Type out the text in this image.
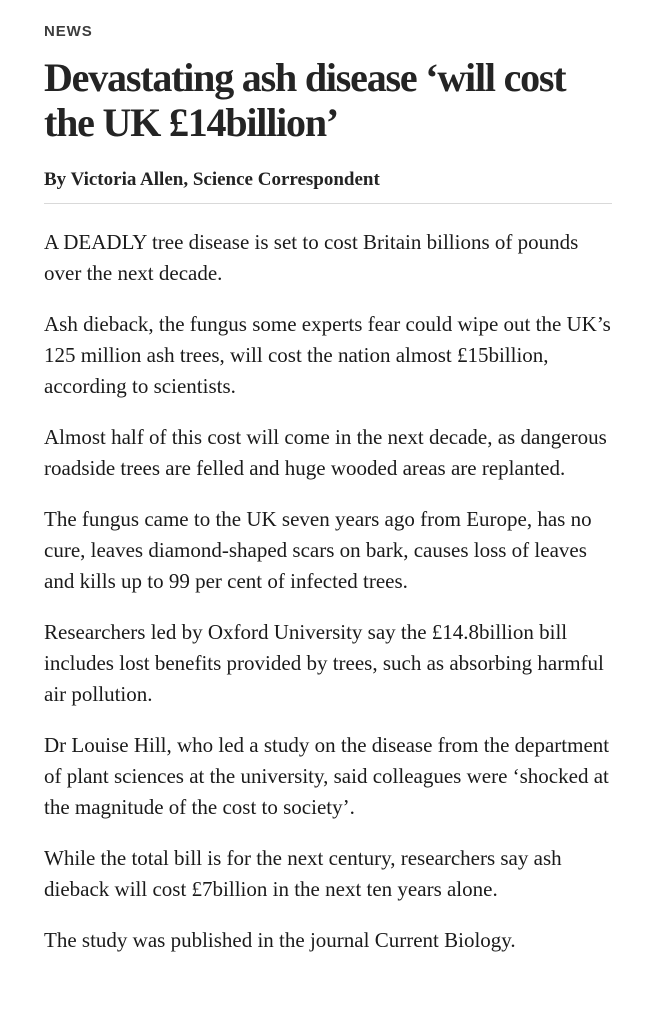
NEWS
Devastating ash disease ‘will cost the UK £14billion’
By Victoria Allen, Science Correspondent

A DEADLY tree disease is set to cost Britain billions of pounds over the next decade.

Ash dieback, the fungus some experts fear could wipe out the UK’s 125 million ash trees, will cost the nation almost £15billion, according to scientists.

Almost half of this cost will come in the next decade, as dangerous roadside trees are felled and huge wooded areas are replanted.

The fungus came to the UK seven years ago from Europe, has no cure, leaves diamond-shaped scars on bark, causes loss of leaves and kills up to 99 per cent of infected trees.

Researchers led by Oxford University say the £14.8billion bill includes lost benefits provided by trees, such as absorbing harmful air pollution.

Dr Louise Hill, who led a study on the disease from the department of plant sciences at the university, said colleagues were ‘shocked at the magnitude of the cost to society’.

While the total bill is for the next century, researchers say ash dieback will cost £7billion in the next ten years alone.

The study was published in the journal Current Biology.
